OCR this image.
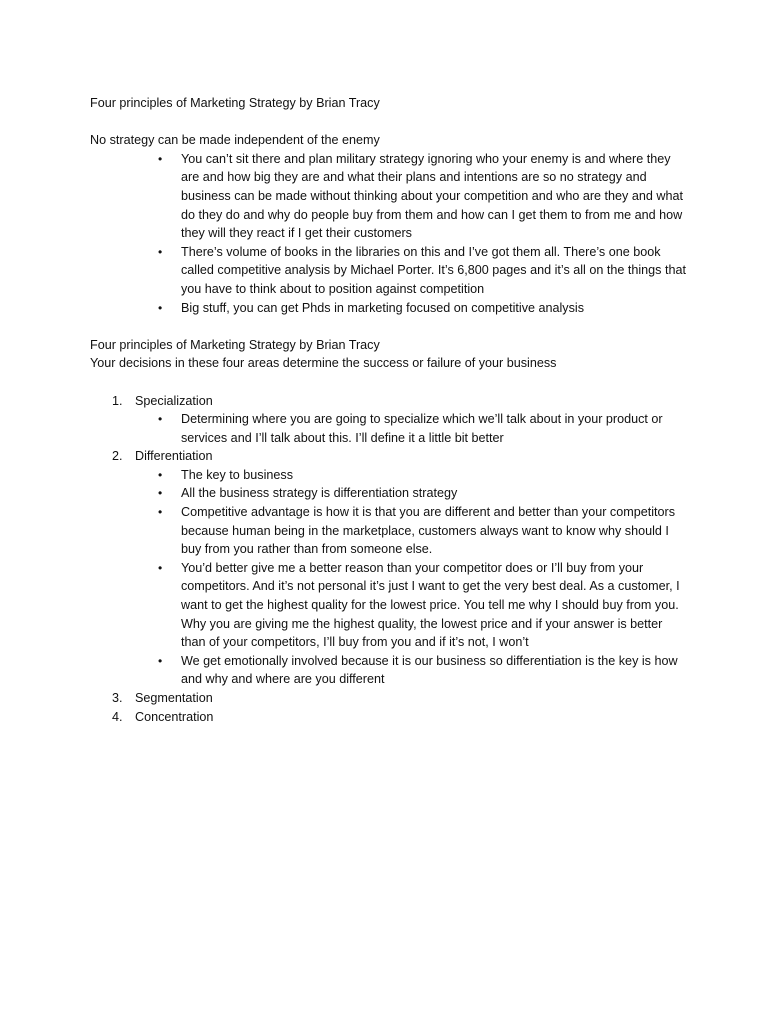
Four principles of Marketing Strategy by Brian Tracy

No strategy can be made independent of the enemy

• You can’t sit there and plan military strategy ignoring who your enemy is and where they are and how big they are and what their plans and intentions are so no strategy and business can be made without thinking about your competition and who are they and what do they do and why do people buy from them and how can I get them to from me and how they will they react if I get their customers
• There’s volume of books in the libraries on this and I’ve got them all. There’s one book called competitive analysis by Michael Porter. It’s 6,800 pages and it’s all on the things that you have to think about to position against competition
• Big stuff, you can get Phds in marketing focused on competitive analysis

Four principles of Marketing Strategy by Brian Tracy

Your decisions in these four areas determine the success or failure of your business

1. Specialization
• Determining where you are going to specialize which we’ll talk about in your product or services and I’ll talk about this. I’ll define it a little bit better
2. Differentiation
• The key to business
• All the business strategy is differentiation strategy
• Competitive advantage is how it is that you are different and better than your competitors because human being in the marketplace, customers always want to know why should I buy from you rather than from someone else.
• You’d better give me a better reason than your competitor does or I’ll buy from your competitors. And it’s not personal it’s just I want to get the very best deal. As a customer, I want to get the highest quality for the lowest price. You tell me why I should buy from you. Why you are giving me the highest quality, the lowest price and if your answer is better than of your competitors, I’ll buy from you and if it’s not, I won’t
• We get emotionally involved because it is our business so differentiation is the key is how and why and where are you different
3. Segmentation
4. Concentration
